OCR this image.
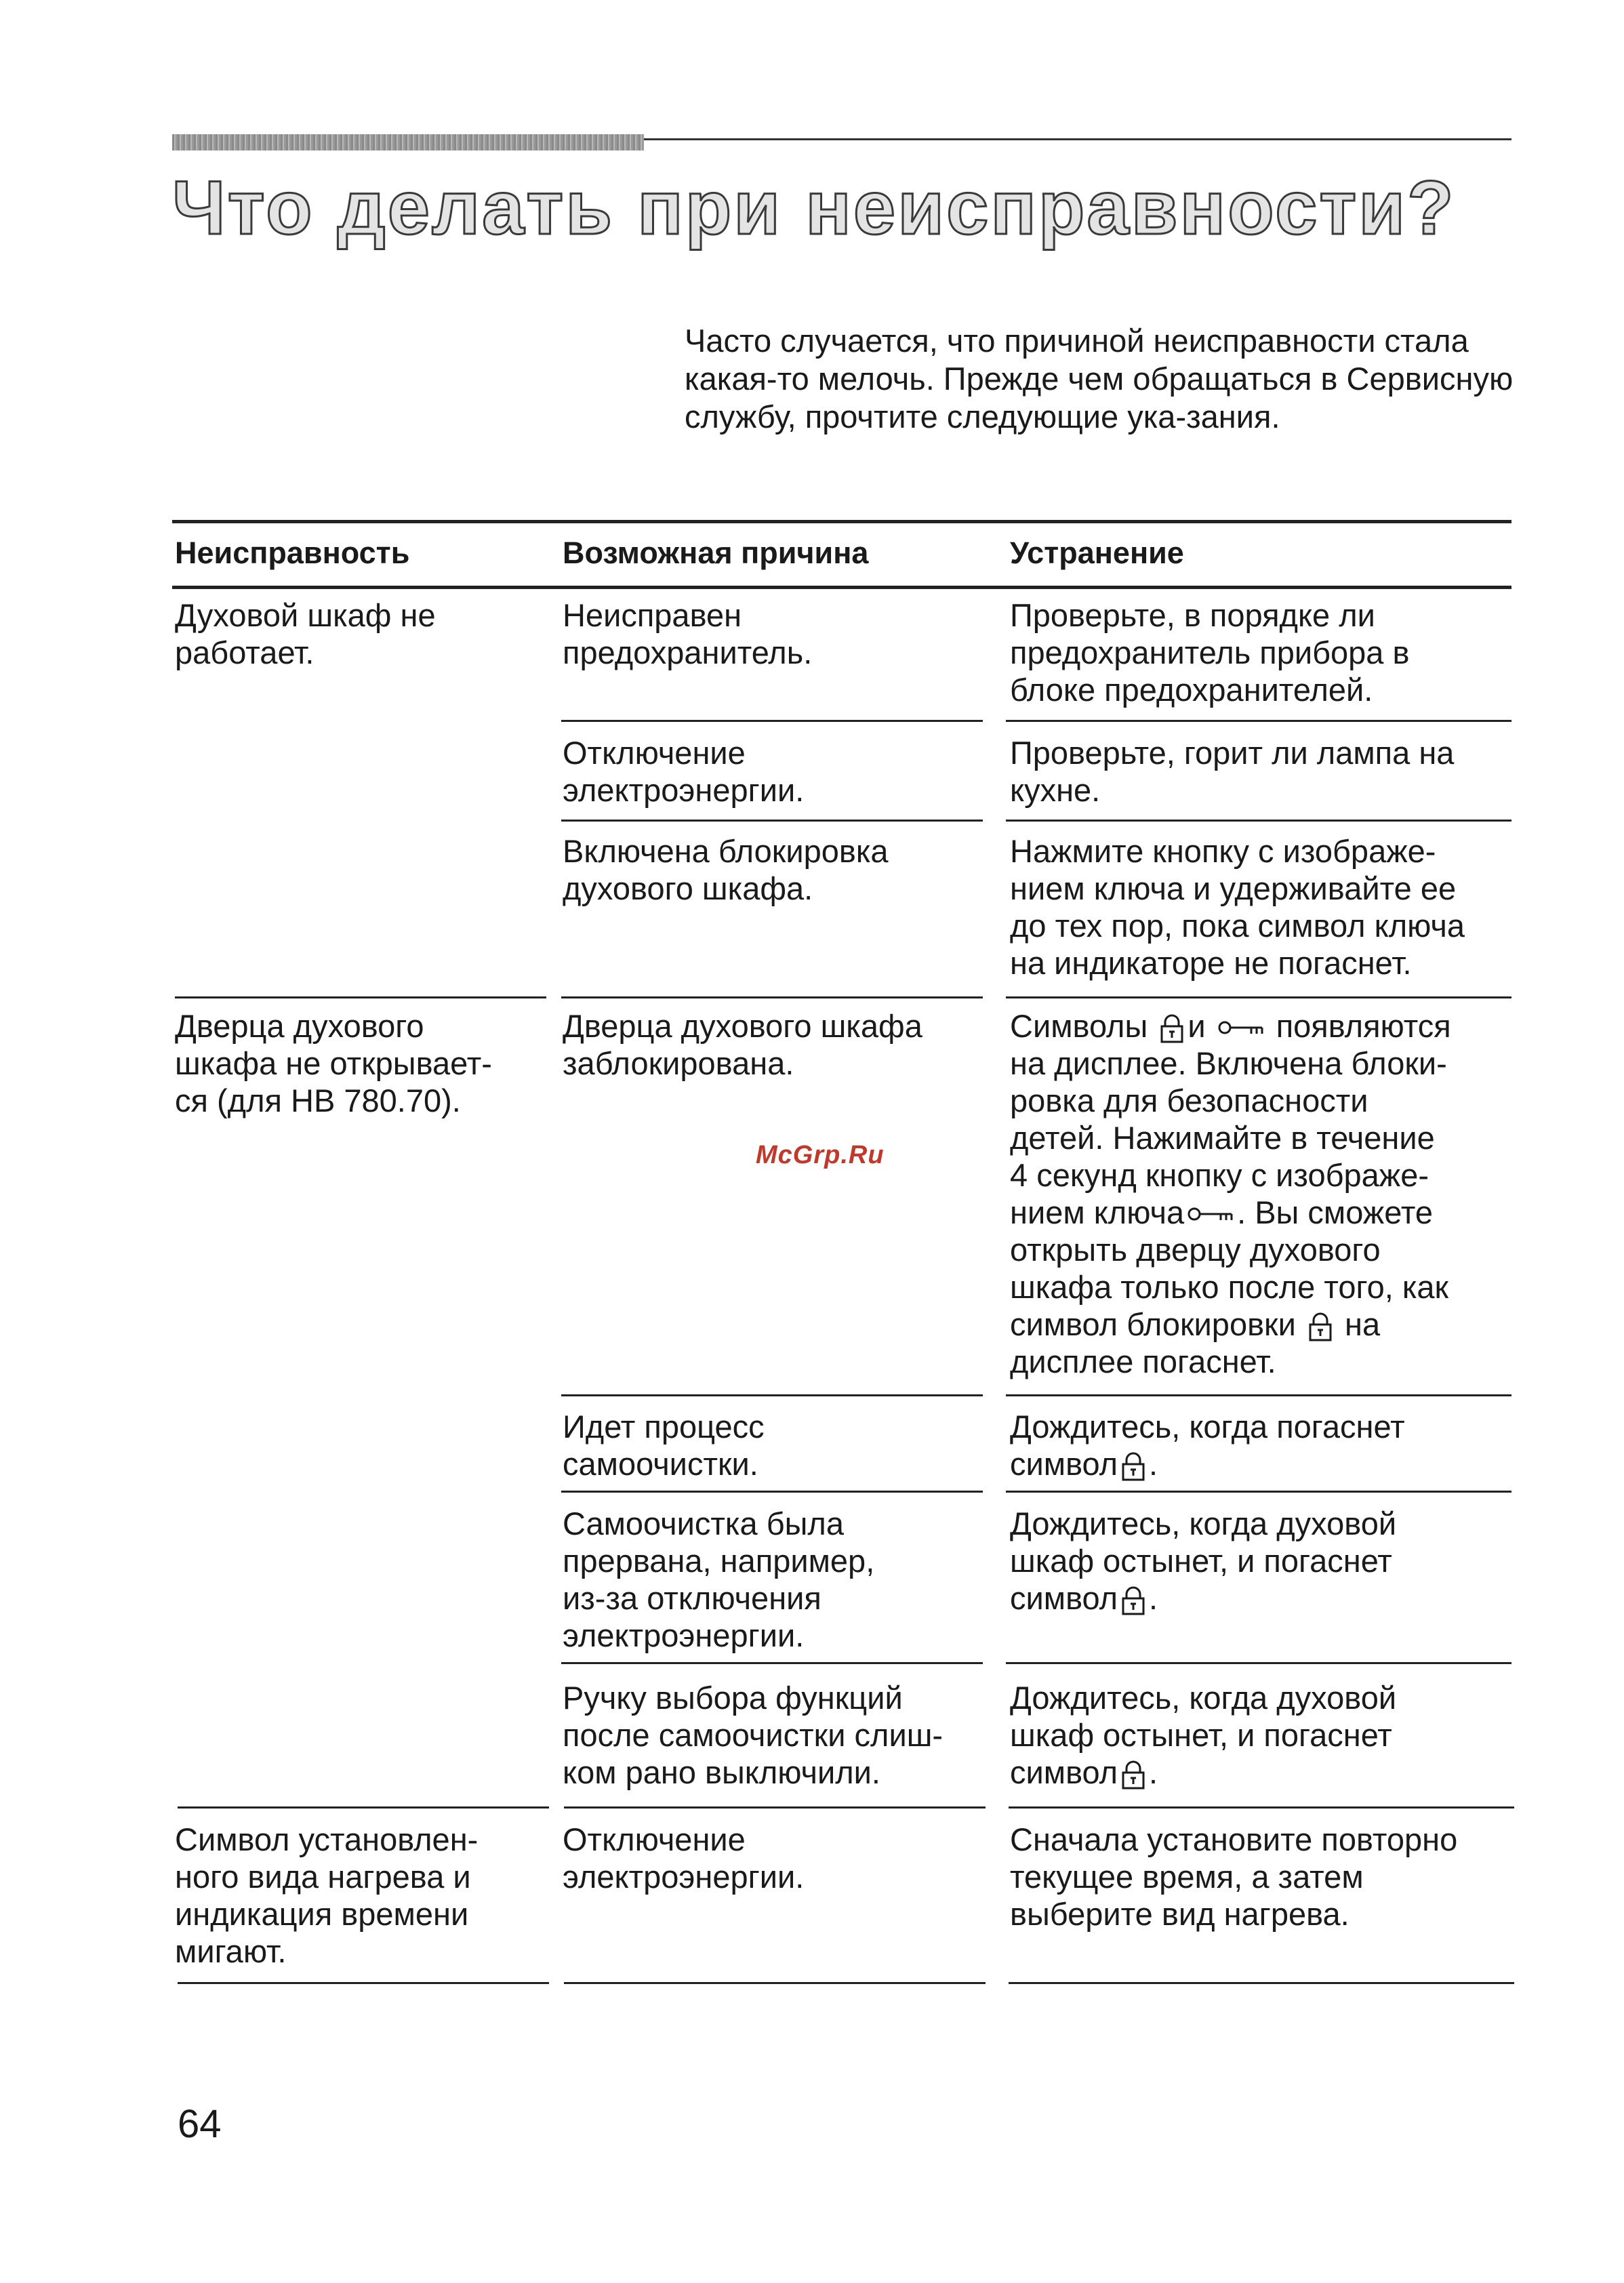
Что делать при неисправности?

Часто случается, что причиной неисправности стала какая-то мелочь. Прежде чем обращаться в Сервисную службу, прочтите следующие ука-зания.

Неисправность	Возможная причина	Устранение
Духовой шкаф не
работает.
Неисправен
предохранитель.
Проверьте, в порядке ли
предохранитель прибора в
блоке предохранителей.
Отключение
электроэнергии.
Проверьте, горит ли лампа на
кухне.
Включена блокировка
духового шкафа.
Нажмите кнопку с изображе-
нием ключа и удерживайте ее
до тех пор, пока символ ключа
на индикаторе не погаснет.
Дверца духового
шкафа не открывает-
ся (для HB 780.70).
Дверца духового шкафа
заблокирована.
Символы и появляются
на дисплее. Включена блоки-
ровка для безопасности
детей. Нажимайте в течение
4 секунд кнопку с изображе-
нием ключа . Вы сможете
открыть дверцу духового
шкафа только после того, как
символ блокировки на
дисплее погаснет.
McGrp.Ru
Идет процесс
самоочистки.
Дождитесь, когда погаснет
символ .
Самоочистка была
прервана, например,
из-за отключения
электроэнергии.
Дождитесь, когда духовой
шкаф остынет, и погаснет
символ .
Ручку выбора функций
после самоочистки слиш-
ком рано выключили.
Дождитесь, когда духовой
шкаф остынет, и погаснет
символ .
Символ установлен-
ного вида нагрева и
индикация времени
мигают.
Отключение
электроэнергии.
Сначала установите повторно
текущее время, а затем
выберите вид нагрева.
64
